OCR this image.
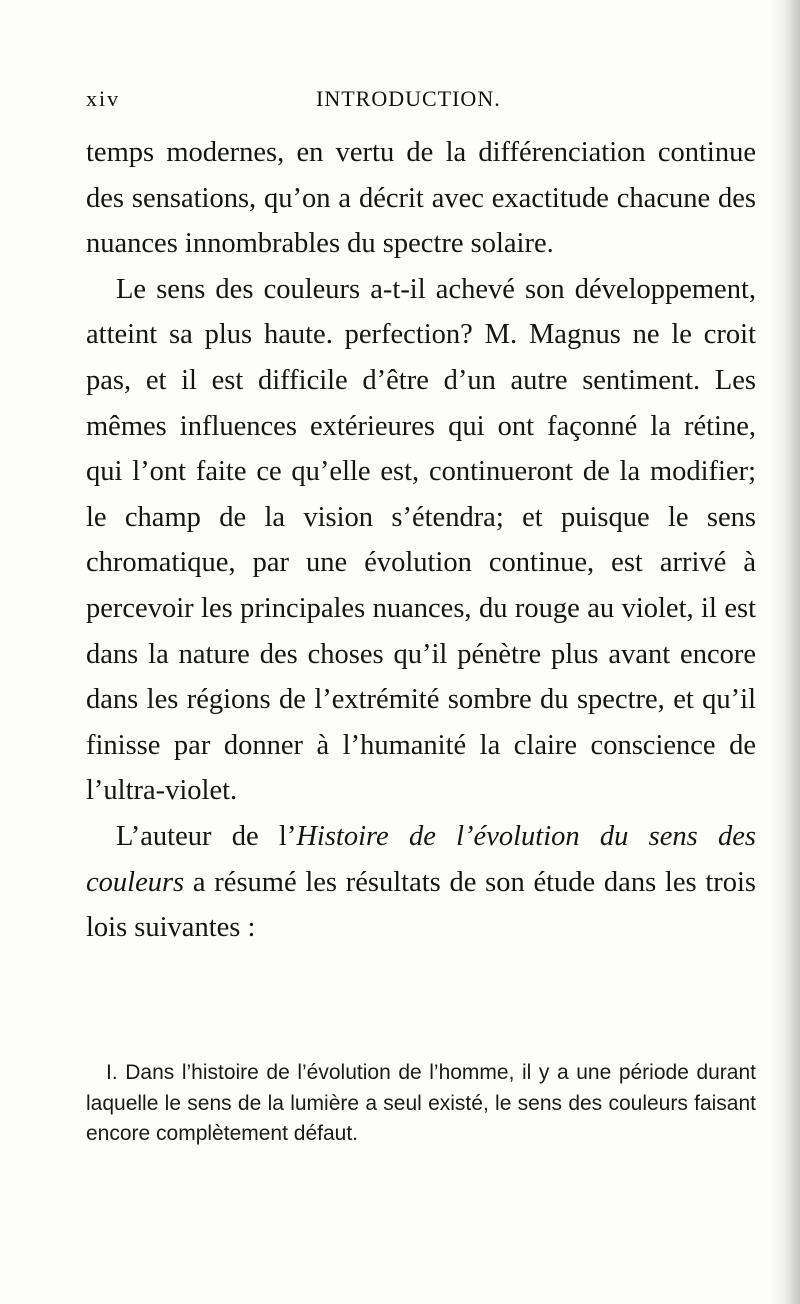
xiv	INTRODUCTION.

temps modernes, en vertu de la différenciation continue des sensations, qu’on a décrit avec exactitude chacune des nuances innombrables du spectre solaire.

Le sens des couleurs a-t-il achevé son développement, atteint sa plus haute. perfection? M. Magnus ne le croit pas, et il est difficile d’être d’un autre sentiment. Les mêmes influences extérieures qui ont façonné la rétine, qui l’ont faite ce qu’elle est, continueront de la modifier; le champ de la vision s’étendra; et puisque le sens chromatique, par une évolution continue, est arrivé à percevoir les principales nuances, du rouge au violet, il est dans la nature des choses qu’il pénètre plus avant encore dans les régions de l’extrémité sombre du spectre, et qu’il finisse par donner à l’humanité la claire conscience de l’ultra-violet.

L’auteur de l’Histoire de l’évolution du sens des couleurs a résumé les résultats de son étude dans les trois lois suivantes :

I. Dans l’histoire de l’évolution de l’homme, il y a une période durant laquelle le sens de la lumière a seul existé, le sens des couleurs faisant encore complètement défaut.
